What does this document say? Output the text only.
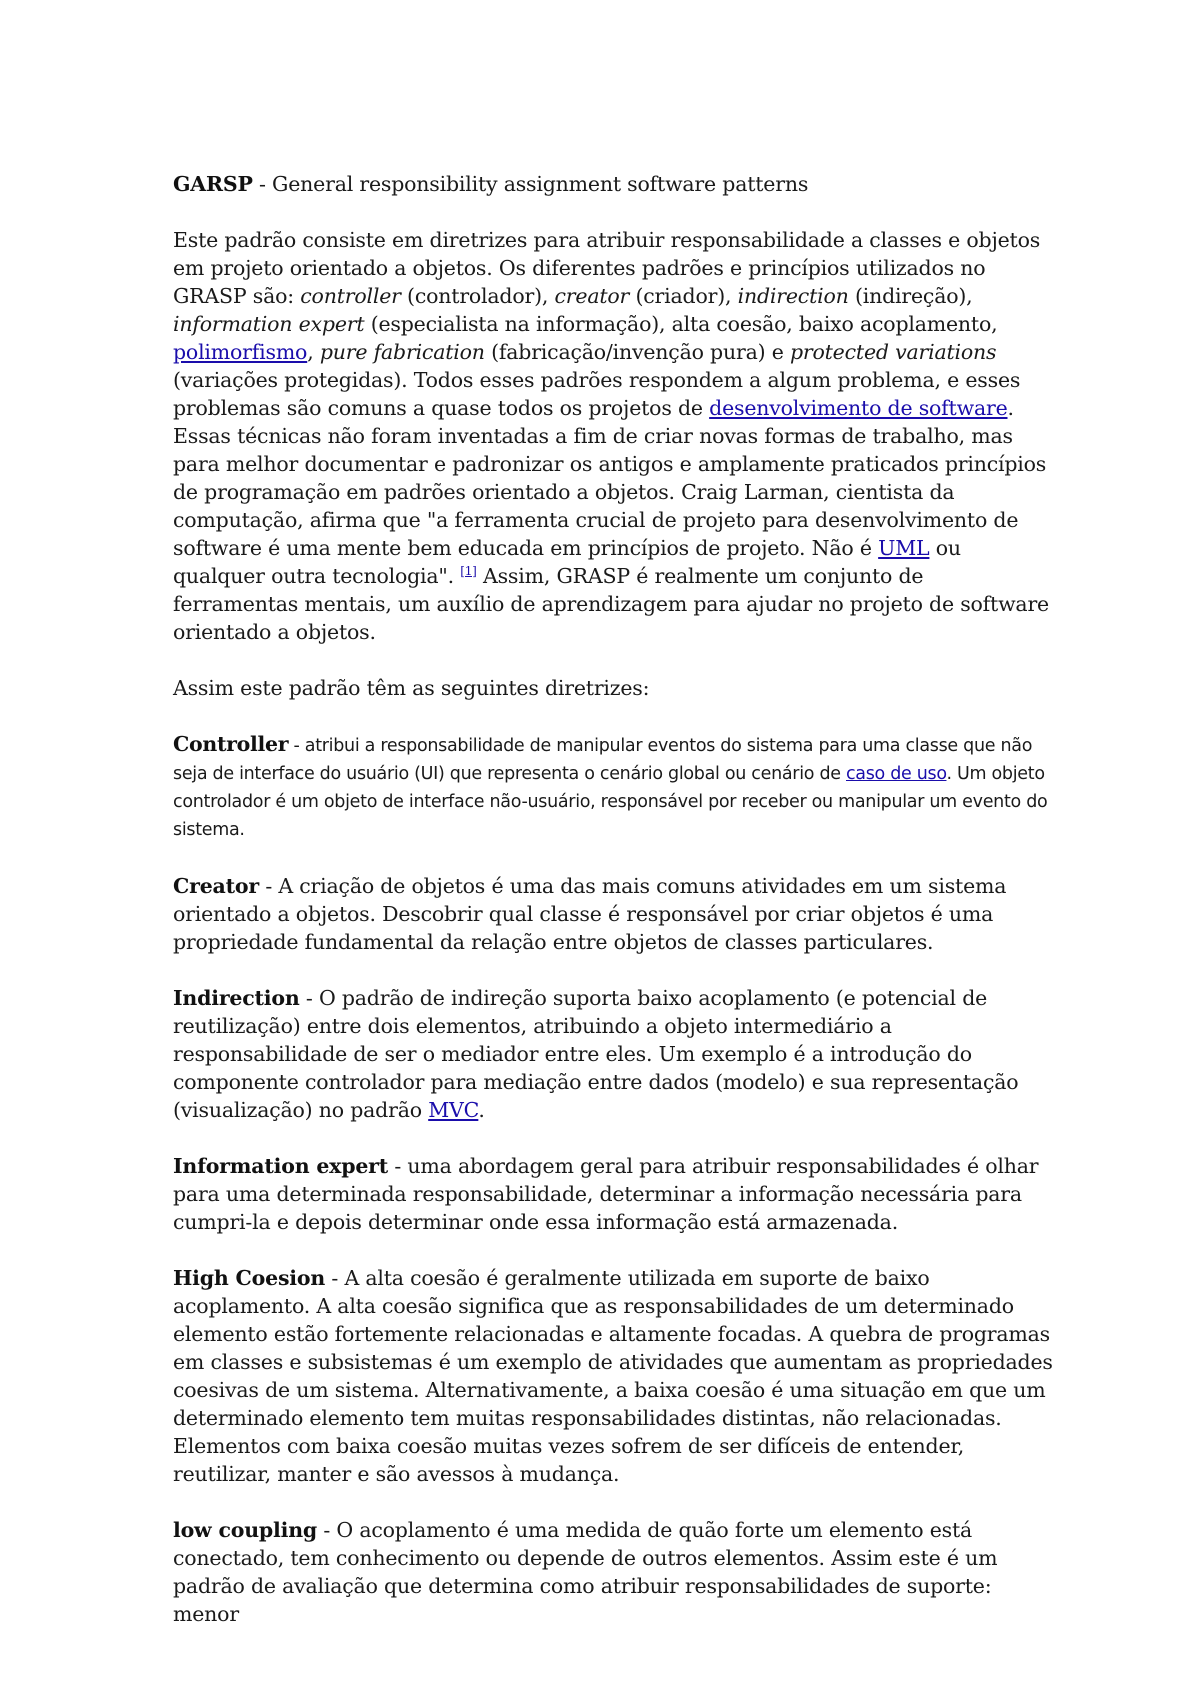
GARSP - General responsibility assignment software patterns

Este padrão consiste em diretrizes para atribuir responsabilidade a classes e objetos em projeto orientado a objetos. Os diferentes padrões e princípios utilizados no GRASP são: controller (controlador), creator (criador), indirection (indireção), information expert (especialista na informação), alta coesão, baixo acoplamento, polimorfismo, pure fabrication (fabricação/invenção pura) e protected variations (variações protegidas). Todos esses padrões respondem a algum problema, e esses problemas são comuns a quase todos os projetos de desenvolvimento de software. Essas técnicas não foram inventadas a fim de criar novas formas de trabalho, mas para melhor documentar e padronizar os antigos e amplamente praticados princípios de programação em padrões orientado a objetos. Craig Larman, cientista da computação, afirma que "a ferramenta crucial de projeto para desenvolvimento de software é uma mente bem educada em princípios de projeto. Não é UML ou qualquer outra tecnologia". [1] Assim, GRASP é realmente um conjunto de ferramentas mentais, um auxílio de aprendizagem para ajudar no projeto de software orientado a objetos.

Assim este padrão têm as seguintes diretrizes:

Controller - atribui a responsabilidade de manipular eventos do sistema para uma classe que não seja de interface do usuário (UI) que representa o cenário global ou cenário de caso de uso. Um objeto controlador é um objeto de interface não-usuário, responsável por receber ou manipular um evento do sistema.

Creator - A criação de objetos é uma das mais comuns atividades em um sistema orientado a objetos. Descobrir qual classe é responsável por criar objetos é uma propriedade fundamental da relação entre objetos de classes particulares.

Indirection - O padrão de indireção suporta baixo acoplamento (e potencial de reutilização) entre dois elementos, atribuindo a objeto intermediário a responsabilidade de ser o mediador entre eles. Um exemplo é a introdução do componente controlador para mediação entre dados (modelo) e sua representação (visualização) no padrão MVC.

Information expert - uma abordagem geral para atribuir responsabilidades é olhar para uma determinada responsabilidade, determinar a informação necessária para cumpri-la e depois determinar onde essa informação está armazenada.

High Coesion - A alta coesão é geralmente utilizada em suporte de baixo acoplamento. A alta coesão significa que as responsabilidades de um determinado elemento estão fortemente relacionadas e altamente focadas. A quebra de programas em classes e subsistemas é um exemplo de atividades que aumentam as propriedades coesivas de um sistema. Alternativamente, a baixa coesão é uma situação em que um determinado elemento tem muitas responsabilidades distintas, não relacionadas. Elementos com baixa coesão muitas vezes sofrem de ser difíceis de entender, reutilizar, manter e são avessos à mudança.

low coupling - O acoplamento é uma medida de quão forte um elemento está conectado, tem conhecimento ou depende de outros elementos. Assim este é um padrão de avaliação que determina como atribuir responsabilidades de suporte: menor
